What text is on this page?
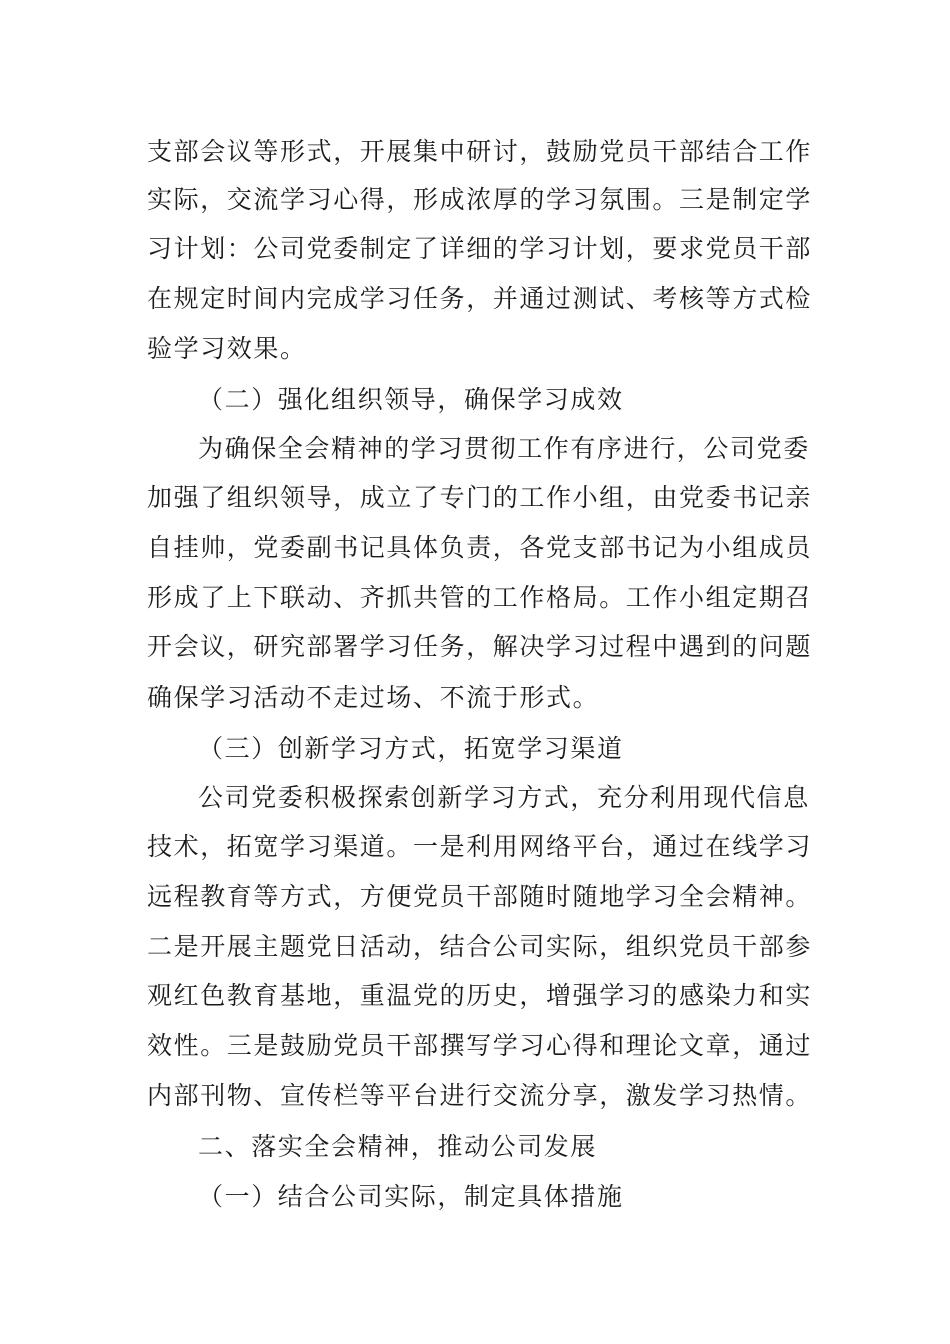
支部会议等形式，开展集中研讨，鼓励党员干部结合工作
实际，交流学习心得，形成浓厚的学习氛围。三是制定学
习计划：公司党委制定了详细的学习计划，要求党员干部
在规定时间内完成学习任务，并通过测试、考核等方式检
验学习效果。
（二）强化组织领导，确保学习成效
为确保全会精神的学习贯彻工作有序进行，公司党委
加强了组织领导，成立了专门的工作小组，由党委书记亲
自挂帅，党委副书记具体负责，各党支部书记为小组成员
形成了上下联动、齐抓共管的工作格局。工作小组定期召
开会议，研究部署学习任务，解决学习过程中遇到的问题
确保学习活动不走过场、不流于形式。
（三）创新学习方式，拓宽学习渠道
公司党委积极探索创新学习方式，充分利用现代信息
技术，拓宽学习渠道。一是利用网络平台，通过在线学习
远程教育等方式，方便党员干部随时随地学习全会精神。
二是开展主题党日活动，结合公司实际，组织党员干部参
观红色教育基地，重温党的历史，增强学习的感染力和实
效性。三是鼓励党员干部撰写学习心得和理论文章，通过
内部刊物、宣传栏等平台进行交流分享，激发学习热情。
二、落实全会精神，推动公司发展
（一）结合公司实际，制定具体措施
